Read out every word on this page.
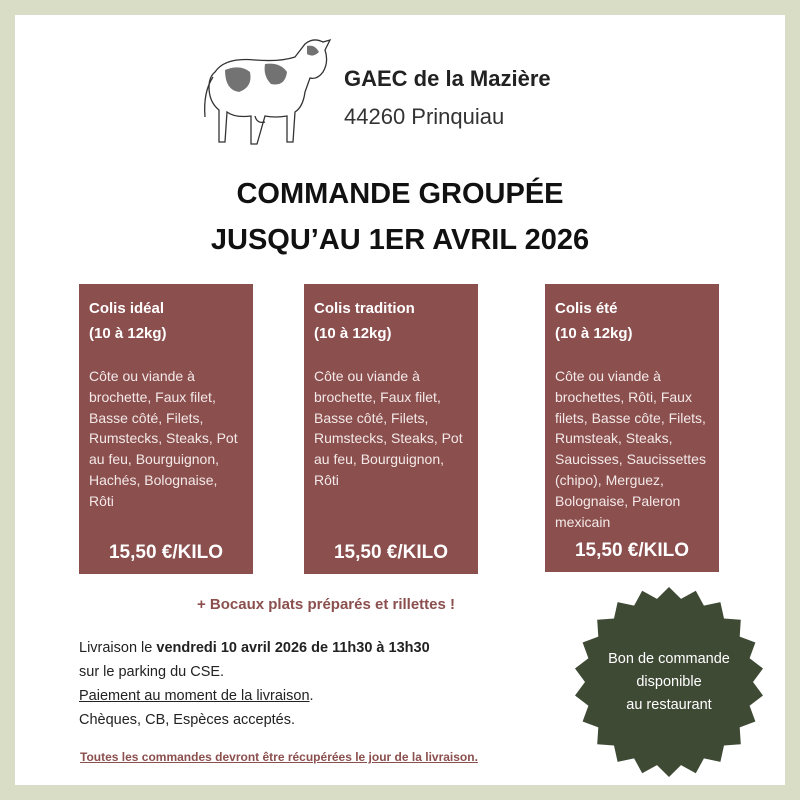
GAEC de la Mazière
44260 Prinquiau
COMMANDE GROUPÉE
JUSQU’AU 1ER AVRIL 2026
Colis idéal
(10 à 12kg)
Côte ou viande à brochette, Faux filet, Basse côté, Filets, Rumstecks, Steaks, Pot au feu, Bourguignon, Hachés, Bolognaise, Rôti
15,50 €/KILO
Colis tradition
(10 à 12kg)
Côte ou viande à brochette, Faux filet, Basse côté, Filets, Rumstecks, Steaks, Pot au feu, Bourguignon, Rôti
15,50 €/KILO
Colis été
(10 à 12kg)
Côte ou viande à brochettes, Rôti, Faux filets, Basse côte, Filets, Rumsteak, Steaks, Saucisses, Saucissettes (chipo), Merguez, Bolognaise, Paleron mexicain
15,50 €/KILO
+ Bocaux plats préparés et rillettes !
Livraison le vendredi 10 avril 2026 de 11h30 à 13h30
sur le parking du CSE.
Paiement au moment de la livraison.
Chèques, CB, Espèces acceptés.
Toutes les commandes devront être récupérées le jour de la livraison.
Bon de commande
disponible
au restaurant
